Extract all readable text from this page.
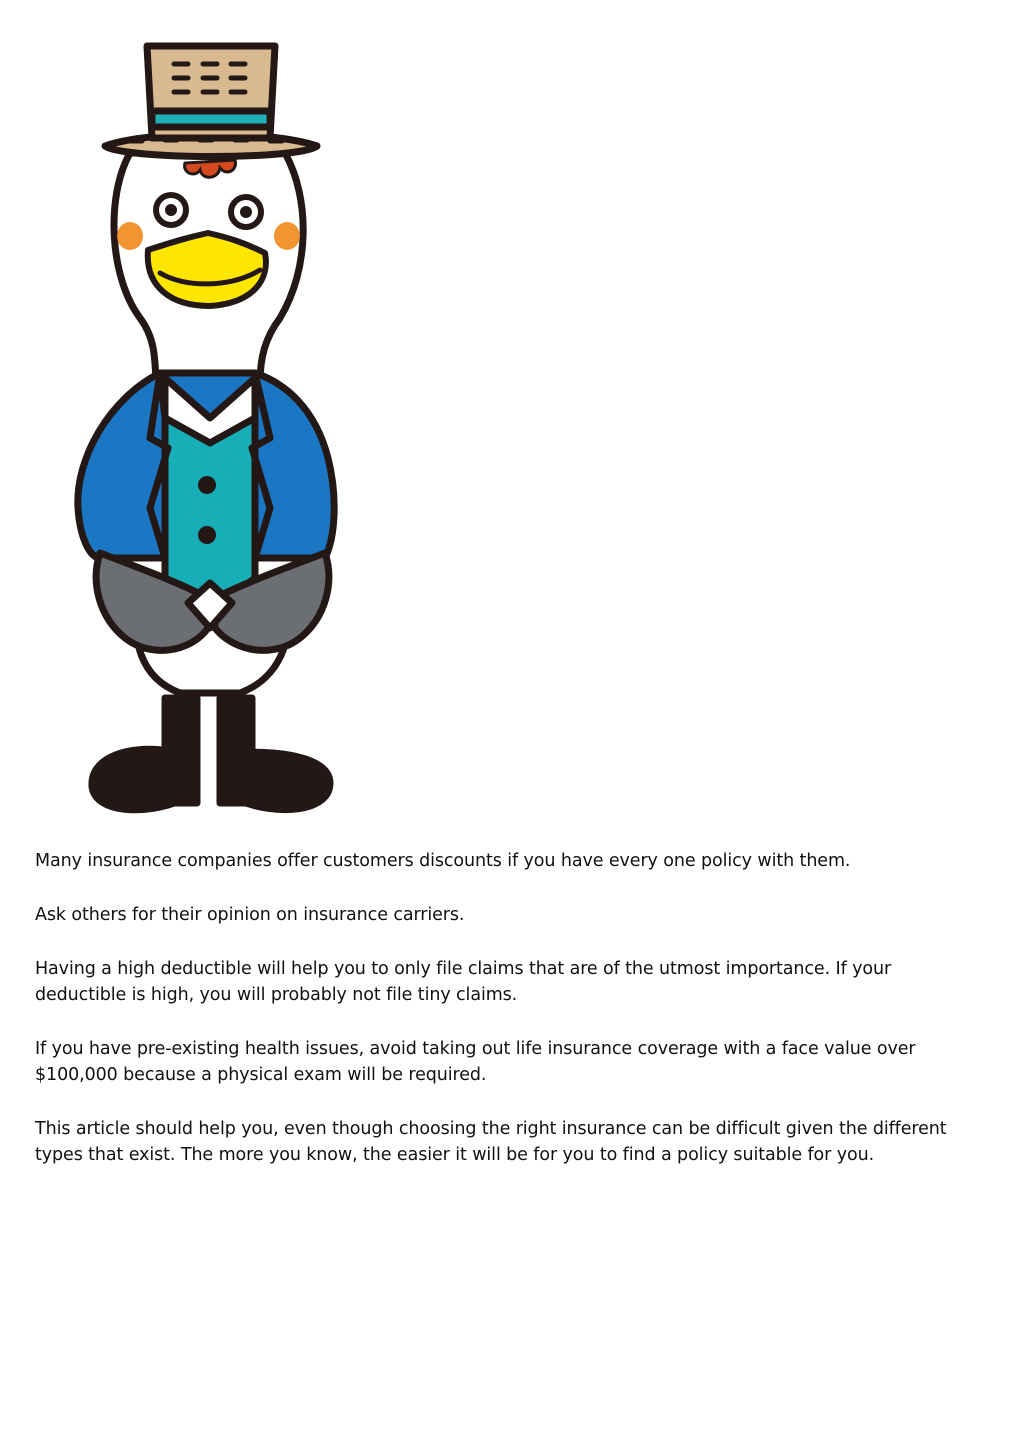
Many insurance companies offer customers discounts if you have every one policy with them.

Ask others for their opinion on insurance carriers.

Having a high deductible will help you to only file claims that are of the utmost importance. If your deductible is high, you will probably not file tiny claims.

If you have pre-existing health issues, avoid taking out life insurance coverage with a face value over $100,000 because a physical exam will be required.

This article should help you, even though choosing the right insurance can be difficult given the different types that exist. The more you know, the easier it will be for you to find a policy suitable for you.
